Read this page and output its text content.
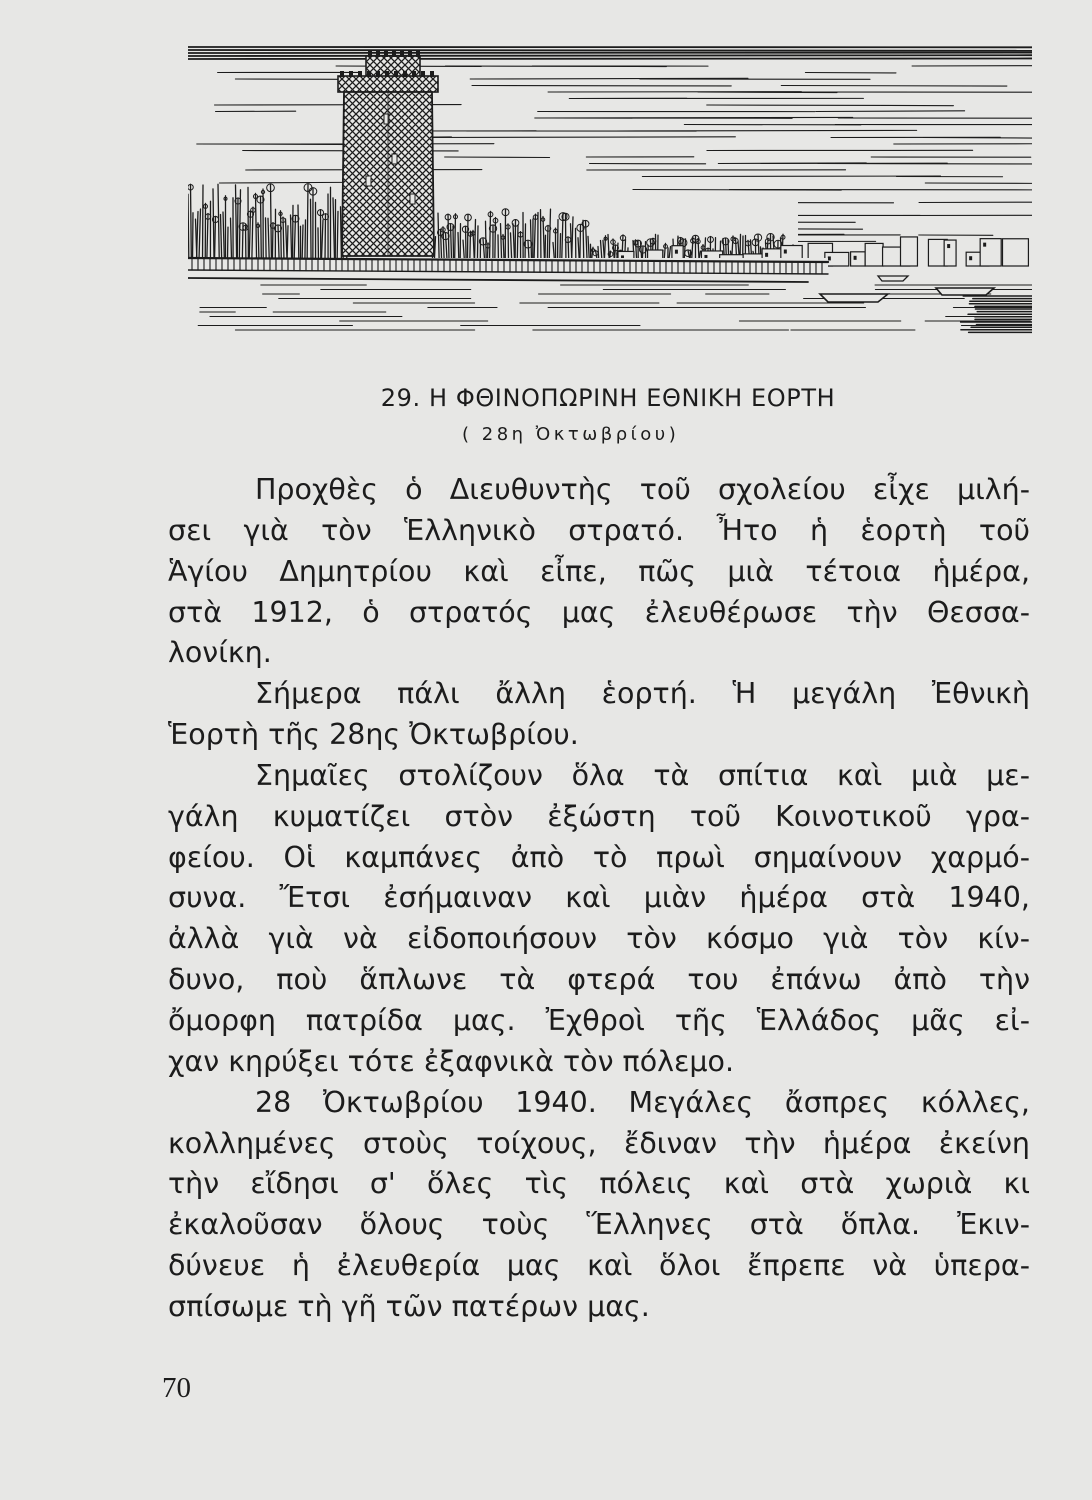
29. Η ΦΘΙΝΟΠΩΡΙΝΗ ΕΘΝΙΚΗ ΕΟΡΤΗ
( 28η Ὀκτωβρίου)
Προχθὲς ὁ Διευθυντὴς τοῦ σχολείου εἶχε μιλή-
σει γιὰ τὸν Ἑλληνικὸ στρατό. Ἦτο ἡ ἑορτὴ τοῦ
Ἁγίου Δημητρίου καὶ εἶπε, πῶς μιὰ τέτοια ἡμέρα,
στὰ 1912, ὁ στρατός μας ἐλευθέρωσε τὴν Θεσσα-
λονίκη.
Σήμερα πάλι ἄλλη ἑορτή. Ἡ μεγάλη Ἐθνικὴ
Ἑορτὴ τῆς 28ης Ὀκτωβρίου.
Σημαῖες στολίζουν ὅλα τὰ σπίτια καὶ μιὰ με-
γάλη κυματίζει στὸν ἐξώστη τοῦ Κοινοτικοῦ γρα-
φείου. Οἱ καμπάνες ἀπὸ τὸ πρωὶ σημαίνουν χαρμό-
συνα. Ἔτσι ἐσήμαιναν καὶ μιὰν ἡμέρα στὰ 1940,
ἀλλὰ γιὰ νὰ εἰδοποιήσουν τὸν κόσμο γιὰ τὸν κίν-
δυνο, ποὺ ἅπλωνε τὰ φτερά του ἐπάνω ἀπὸ τὴν
ὄμορφη πατρίδα μας. Ἐχθροὶ τῆς Ἑλλάδος μᾶς εἰ-
χαν κηρύξει τότε ἐξαφνικὰ τὸν πόλεμο.
28 Ὀκτωβρίου 1940. Μεγάλες ἄσπρες κόλλες,
κολλημένες στοὺς τοίχους, ἔδιναν τὴν ἡμέρα ἐκείνη
τὴν εἴδησι σ' ὅλες τὶς πόλεις καὶ στὰ χωριὰ κι
ἐκαλοῦσαν ὅλους τοὺς Ἕλληνες στὰ ὅπλα. Ἐκιν-
δύνευε ἡ ἐλευθερία μας καὶ ὅλοι ἔπρεπε νὰ ὑπερα-
σπίσωμε τὴ γῆ τῶν πατέρων μας.
70
